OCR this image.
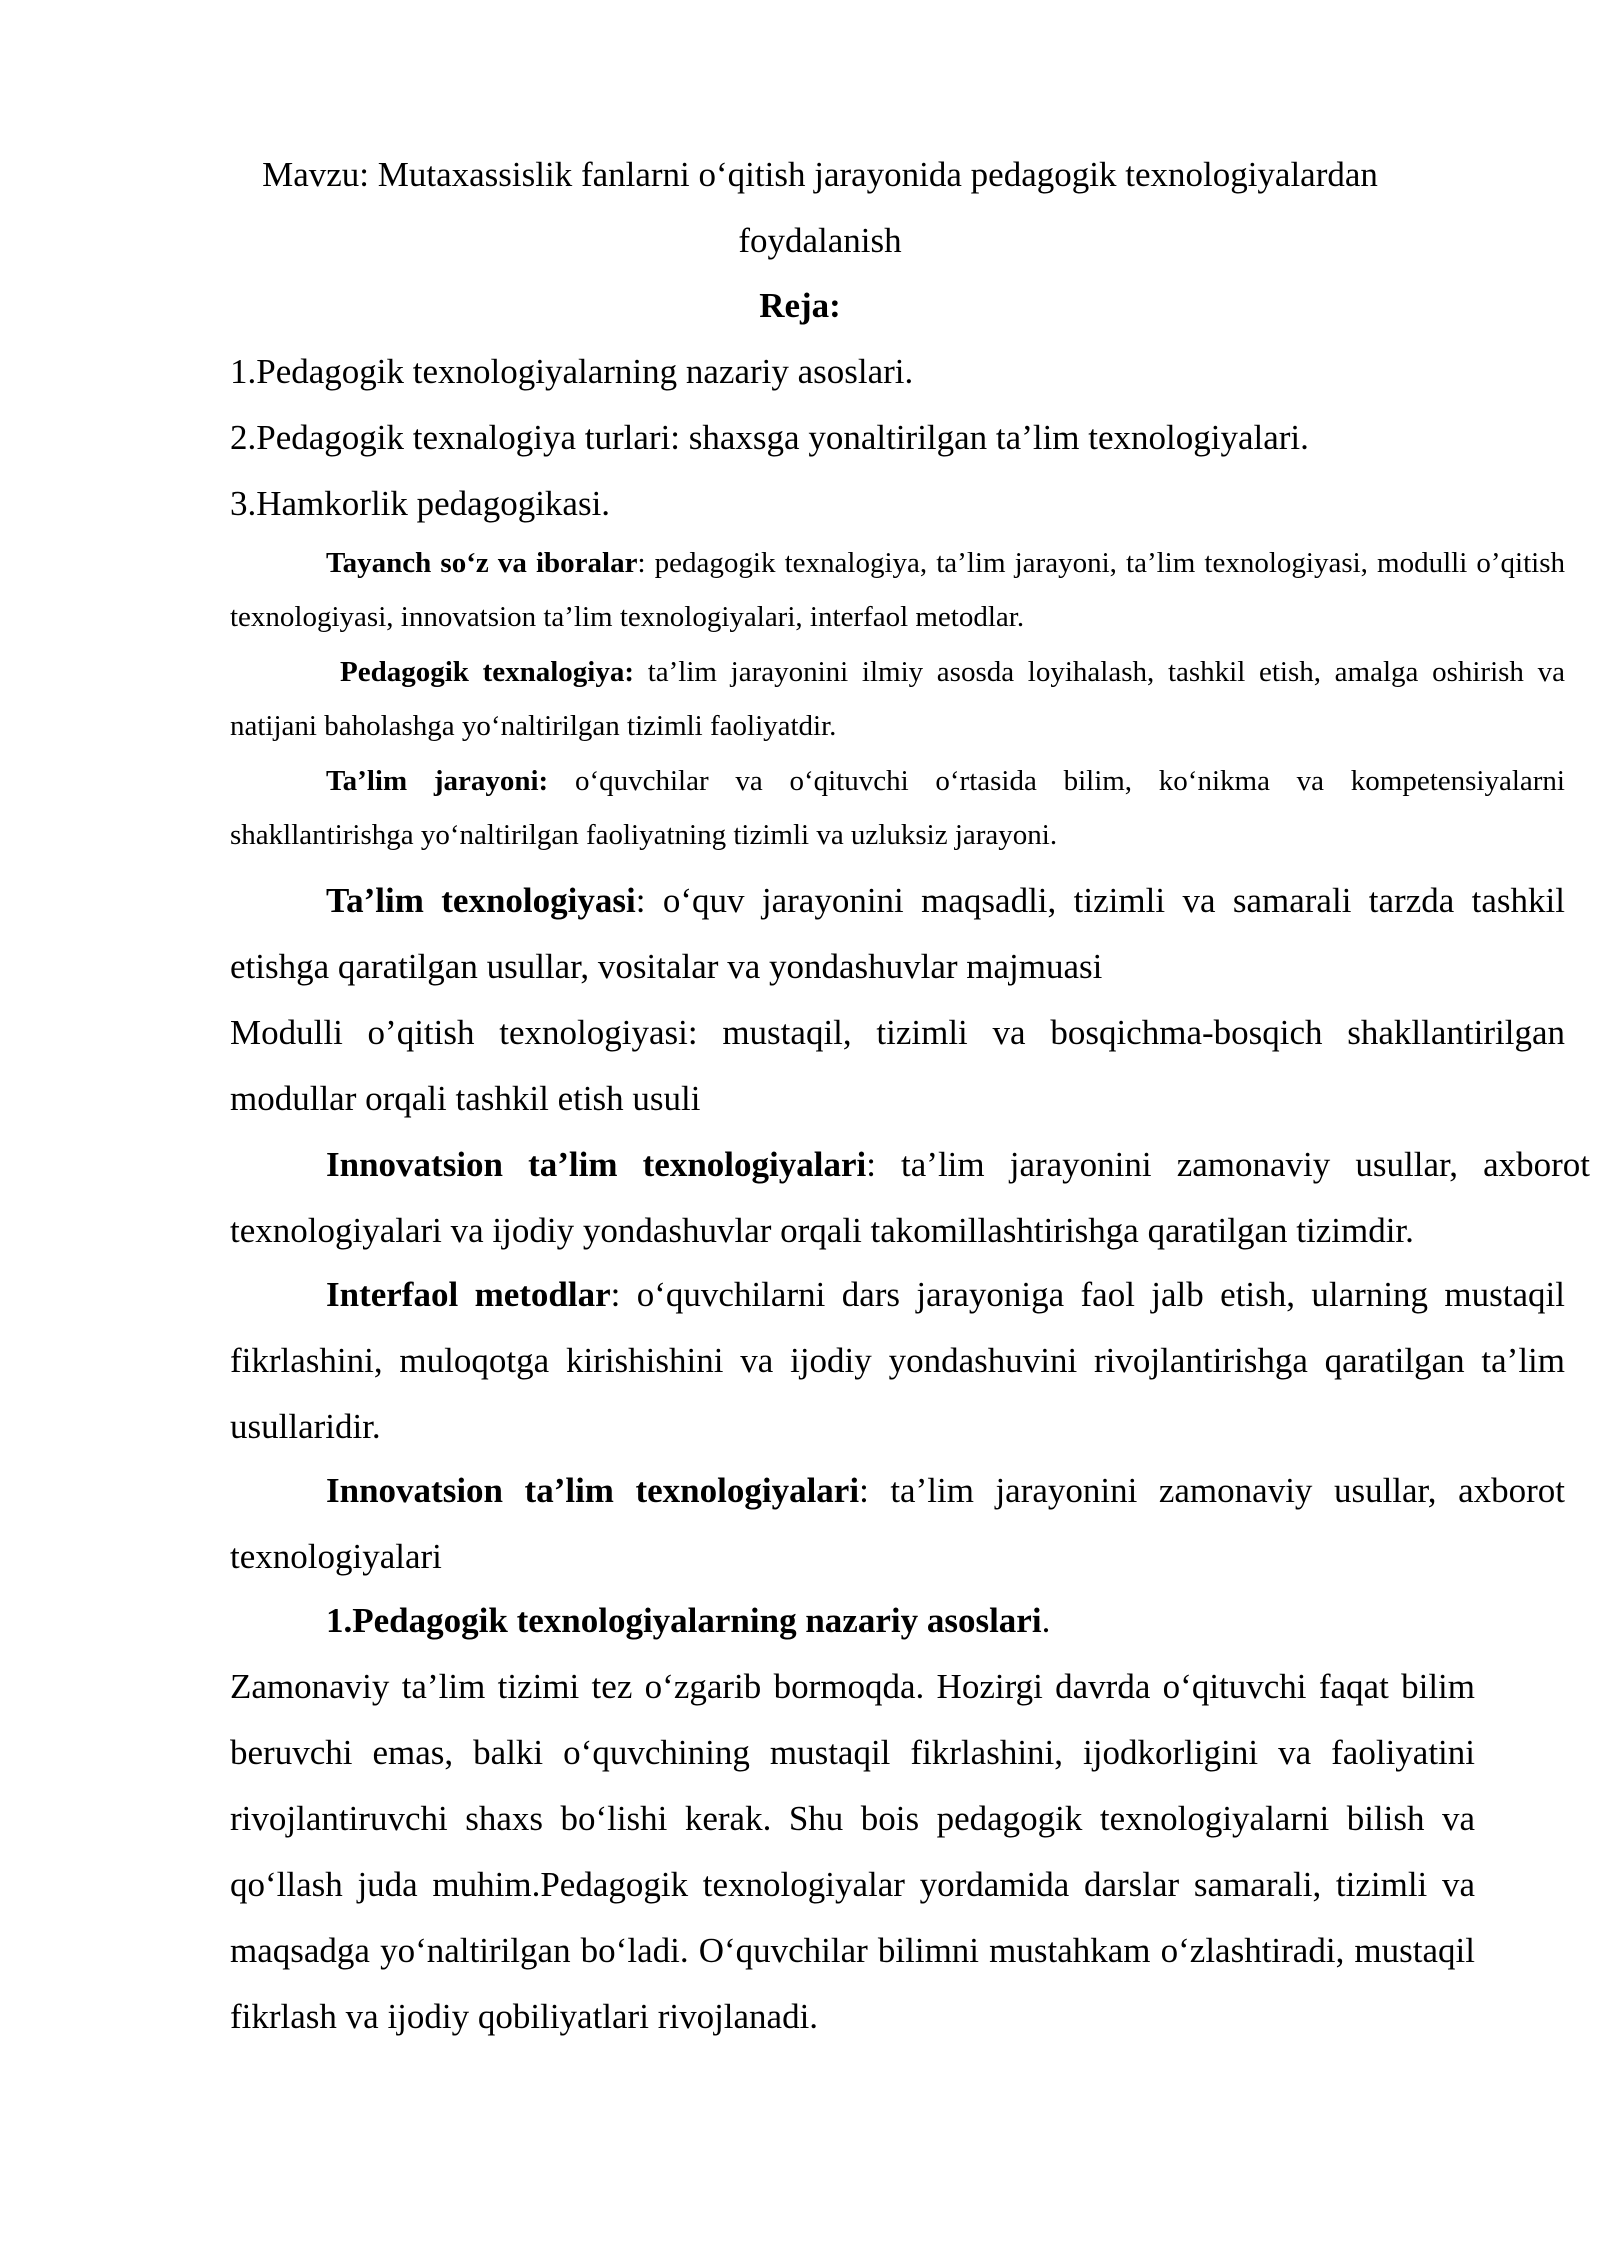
Mavzu: Mutaxassislik fanlarni o‘qitish jarayonida pedagogik texnologiyalardan

foydalanish

Reja:

1.Pedagogik texnologiyalarning nazariy asoslari.
2.Pedagogik texnalogiya turlari: shaxsga yonaltirilgan ta’lim texnologiyalari.
3.Hamkorlik pedagogikasi.

Tayanch so‘z va iboralar: pedagogik texnalogiya, ta’lim jarayoni, ta’lim texnologiyasi, modulli o’qitish texnologiyasi, innovatsion ta’lim texnologiyalari, interfaol metodlar.

Pedagogik texnalogiya: ta’lim jarayonini ilmiy asosda loyihalash, tashkil etish, amalga oshirish va natijani baholashga yo‘naltirilgan tizimli faoliyatdir.

Ta’lim jarayoni: o‘quvchilar va o‘qituvchi o‘rtasida bilim, ko‘nikma va kompetensiyalarni shakllantirishga yo‘naltirilgan faoliyatning tizimli va uzluksiz jarayoni.

Ta’lim texnologiyasi: o‘quv jarayonini maqsadli, tizimli va samarali tarzda tashkil etishga qaratilgan usullar, vositalar va yondashuvlar majmuasi

Modulli o’qitish texnologiyasi: mustaqil, tizimli va bosqichma-bosqich shakllantirilgan modullar orqali tashkil etish usuli

Innovatsion ta’lim texnologiyalari: ta’lim jarayonini zamonaviy usullar, axborot texnologiyalari va ijodiy yondashuvlar orqali takomillashtirishga qaratilgan tizimdir.

Interfaol metodlar: o‘quvchilarni dars jarayoniga faol jalb etish, ularning mustaqil fikrlashini, muloqotga kirishishini va ijodiy yondashuvini rivojlantirishga qaratilgan ta’lim usullaridir.

Innovatsion ta’lim texnologiyalari: ta’lim jarayonini zamonaviy usullar, axborot texnologiyalari

1.Pedagogik texnologiyalarning nazariy asoslari.

Zamonaviy ta’lim tizimi tez o‘zgarib bormoqda. Hozirgi davrda o‘qituvchi faqat bilim beruvchi emas, balki o‘quvchining mustaqil fikrlashini, ijodkorligini va faoliyatini rivojlantiruvchi shaxs bo‘lishi kerak. Shu bois pedagogik texnologiyalarni bilish va qo‘llash juda muhim.Pedagogik texnologiyalar yordamida darslar samarali, tizimli va maqsadga yo‘naltirilgan bo‘ladi. O‘quvchilar bilimni mustahkam o‘zlashtiradi, mustaqil fikrlash va ijodiy qobiliyatlari rivojlanadi.
